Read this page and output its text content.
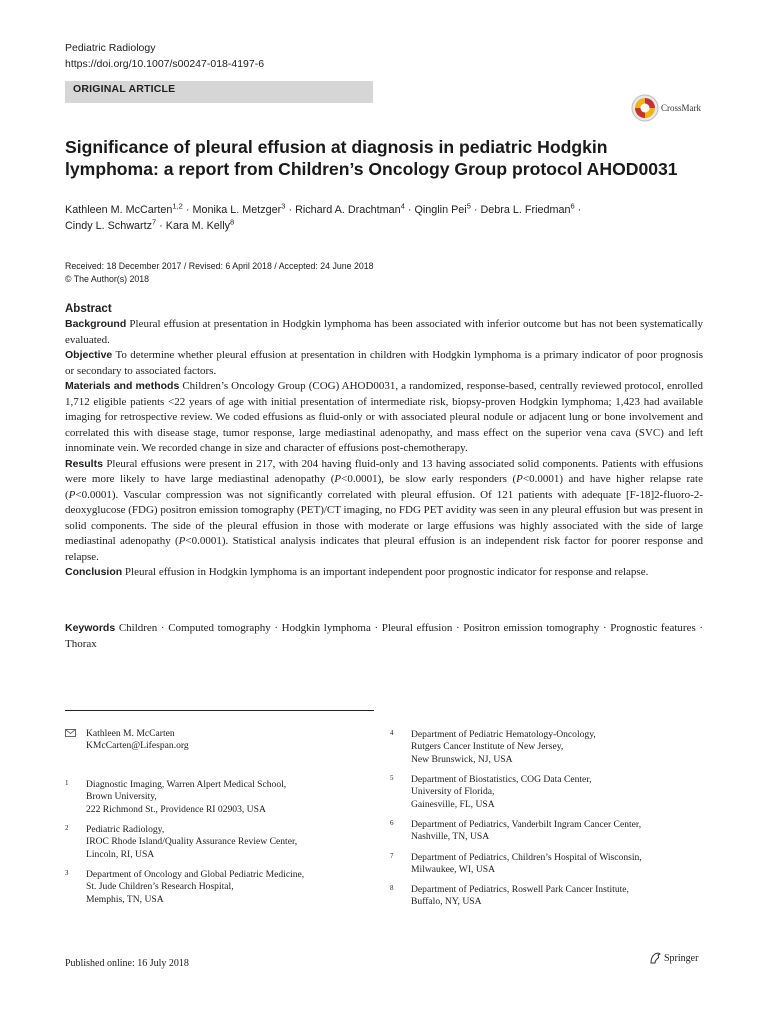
Pediatric Radiology
https://doi.org/10.1007/s00247-018-4197-6
ORIGINAL ARTICLE
CrossMark
Significance of pleural effusion at diagnosis in pediatric Hodgkin
lymphoma: a report from Children’s Oncology Group protocol AHOD0031
Kathleen M. McCarten$^{1,2}$ · Monika L. Metzger$^3$ · Richard A. Drachtman$^4$ · Qinglin Pei$^5$ · Debra L. Friedman$^6$ ·
Cindy L. Schwartz$^7$ · Kara M. Kelly$^8$
Received: 18 December 2017 / Revised: 6 April 2018 / Accepted: 24 June 2018
© The Author(s) 2018
Abstract

Background Pleural effusion at presentation in Hodgkin lymphoma has been associated with inferior outcome but has not been systematically evaluated.

Objective To determine whether pleural effusion at presentation in children with Hodgkin lymphoma is a primary indicator of poor prognosis or secondary to associated factors.

Materials and methods Children’s Oncology Group (COG) AHOD0031, a randomized, response-based, centrally reviewed protocol, enrolled 1,712 eligible patients <22 years of age with initial presentation of intermediate risk, biopsy-proven Hodgkin lymphoma; 1,423 had available imaging for retrospective review. We coded effusions as fluid-only or with associated pleural nodule or adjacent lung or bone involvement and correlated this with disease stage, tumor response, large mediastinal adenopathy, and mass effect on the superior vena cava (SVC) and left innominate vein. We recorded change in size and character of effusions post-chemotherapy.

Results Pleural effusions were present in 217, with 204 having fluid-only and 13 having associated solid components. Patients with effusions were more likely to have large mediastinal adenopathy (P<0.0001), be slow early responders (P<0.0001) and have higher relapse rate (P<0.0001). Vascular compression was not significantly correlated with pleural effusion. Of 121 patients with adequate [F-18]2-fluoro-2-deoxyglucose (FDG) positron emission tomography (PET)/CT imaging, no FDG PET avidity was seen in any pleural effusion but was present in solid components. The side of the pleural effusion in those with moderate or large effusions was highly associated with the side of large mediastinal adenopathy (P<0.0001). Statistical analysis indicates that pleural effusion is an independent risk factor for poorer response and relapse.

Conclusion Pleural effusion in Hodgkin lymphoma is an important independent poor prognostic indicator for response and relapse.

Keywords Children · Computed tomography · Hodgkin lymphoma · Pleural effusion · Positron emission tomography · Prognostic features · Thorax
Kathleen M. McCarten
KMcCarten@Lifespan.org
1 Diagnostic Imaging, Warren Alpert Medical School,
Brown University,
222 Richmond St., Providence RI 02903, USA
2 Pediatric Radiology,
IROC Rhode Island/Quality Assurance Review Center,
Lincoln, RI, USA
3 Department of Oncology and Global Pediatric Medicine,
St. Jude Children’s Research Hospital,
Memphis, TN, USA
4 Department of Pediatric Hematology-Oncology,
Rutgers Cancer Institute of New Jersey,
New Brunswick, NJ, USA
5 Department of Biostatistics, COG Data Center,
University of Florida,
Gainesville, FL, USA
6 Department of Pediatrics, Vanderbilt Ingram Cancer Center,
Nashville, TN, USA
7 Department of Pediatrics, Children’s Hospital of Wisconsin,
Milwaukee, WI, USA
8 Department of Pediatrics, Roswell Park Cancer Institute,
Buffalo, NY, USA
Published online: 16 July 2018	Springer
